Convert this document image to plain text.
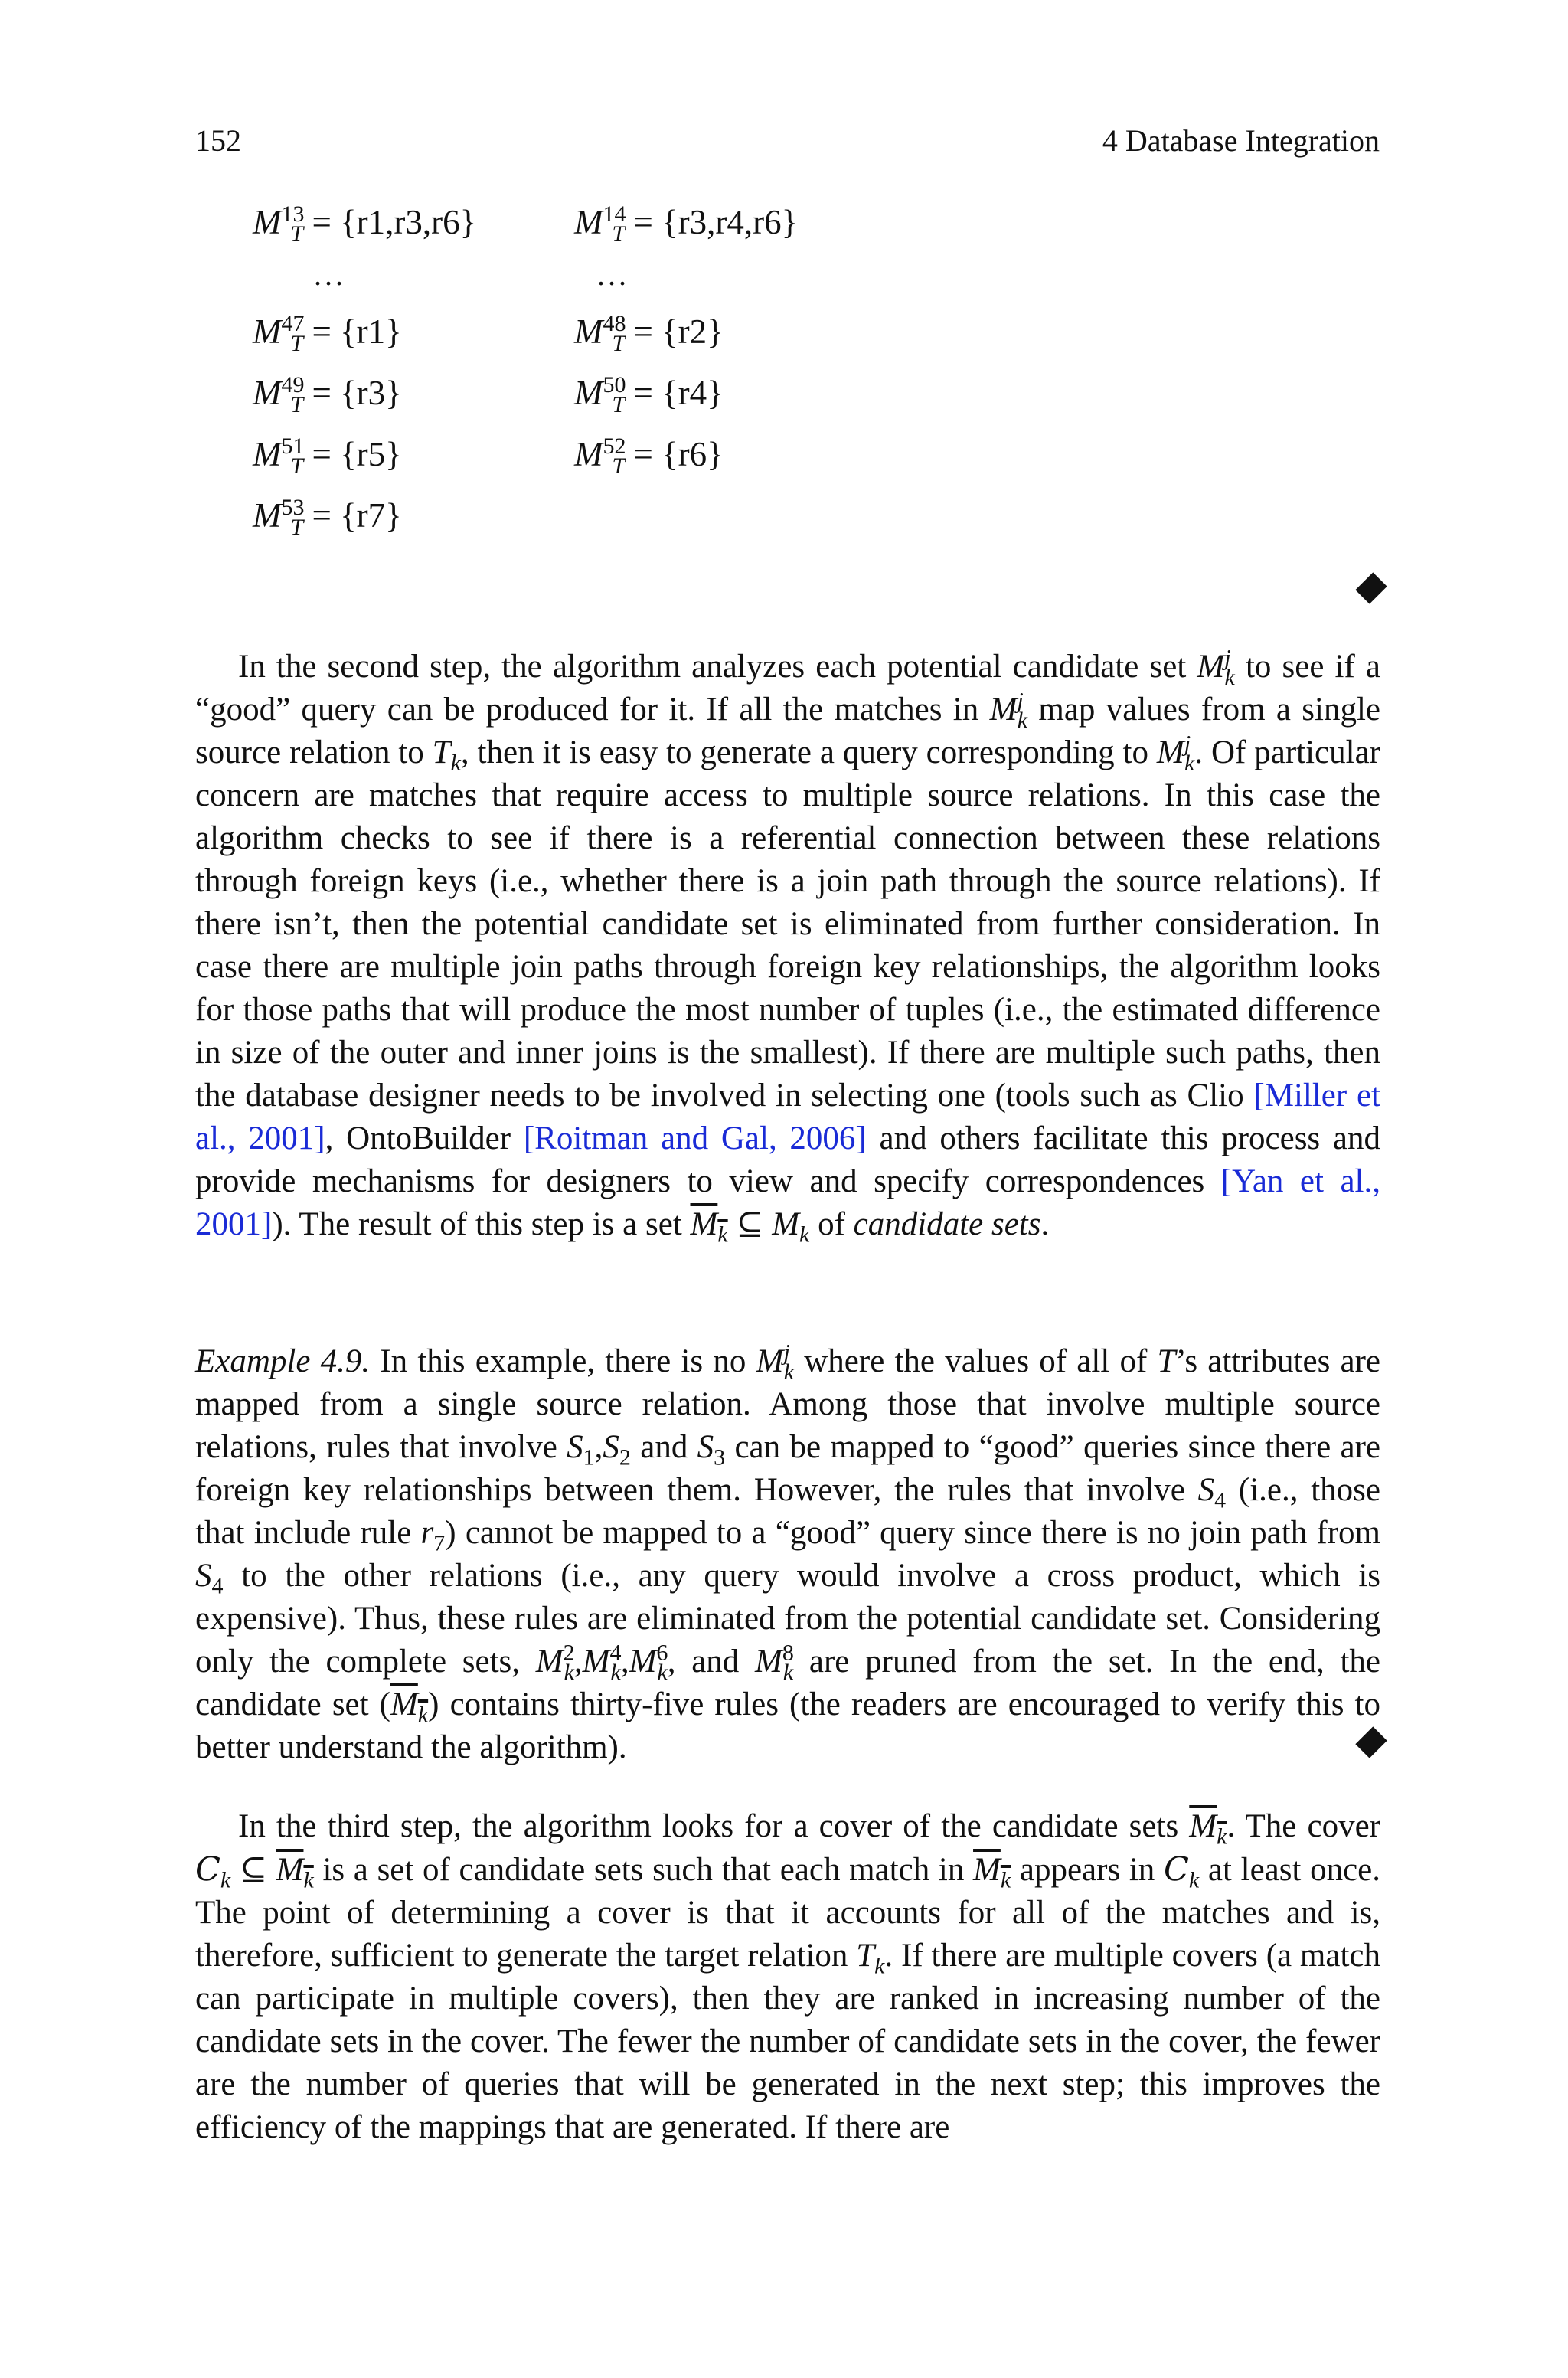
152	4 Database Integration
$M^{13}_T = \{r1,r3,r6\}$	$M^{14}_T = \{r3,r4,r6\}$
...	...
$M^{47}_T = \{r1\}$	$M^{48}_T = \{r2\}$
$M^{49}_T = \{r3\}$	$M^{50}_T = \{r4\}$
$M^{51}_T = \{r5\}$	$M^{52}_T = \{r6\}$
$M^{53}_T = \{r7\}$

In the second step, the algorithm analyzes each potential candidate set $M^j_k$ to see if a “good” query can be produced for it. If all the matches in $M^j_k$ map values from a single source relation to $T_k$, then it is easy to generate a query corresponding to $M^j_k$. Of particular concern are matches that require access to multiple source relations. In this case the algorithm checks to see if there is a referential connection between these relations through foreign keys (i.e., whether there is a join path through the source relations). If there isn’t, then the potential candidate set is eliminated from further consideration. In case there are multiple join paths through foreign key relationships, the algorithm looks for those paths that will produce the most number of tuples (i.e., the estimated difference in size of the outer and inner joins is the smallest). If there are multiple such paths, then the database designer needs to be involved in selecting one (tools such as Clio [Miller et al., 2001], OntoBuilder [Roitman and Gal, 2006] and others facilitate this process and provide mechanisms for designers to view and specify correspondences [Yan et al., 2001]). The result of this step is a set $M_k$ ⊆ $M_k$ of candidate sets.

Example 4.9. In this example, there is no $M^j_k$ where the values of all of T’s attributes are mapped from a single source relation. Among those that involve multiple source relations, rules that involve $S_1,S_2$ and $S_3$ can be mapped to “good” queries since there are foreign key relationships between them. However, the rules that involve $S_4$ (i.e., those that include rule $r_7$) cannot be mapped to a “good” query since there is no join path from $S_4$ to the other relations (i.e., any query would involve a cross product, which is expensive). Thus, these rules are eliminated from the potential candidate set. Considering only the complete sets, $M^2_k,M^4_k,M^6_k$, and $M^8_k$ are pruned from the set. In the end, the candidate set $(M_k)$ contains thirty-five rules (the readers are encouraged to verify this to better understand the algorithm).

In the third step, the algorithm looks for a cover of the candidate sets $M_k$. The cover $C_k$ ⊆ $M_k$ is a set of candidate sets such that each match in $M_k$ appears in $C_k$ at least once. The point of determining a cover is that it accounts for all of the matches and is, therefore, sufficient to generate the target relation $T_k$. If there are multiple covers (a match can participate in multiple covers), then they are ranked in increasing number of the candidate sets in the cover. The fewer the number of candidate sets in the cover, the fewer are the number of queries that will be generated in the next step; this improves the efficiency of the mappings that are generated. If there are
